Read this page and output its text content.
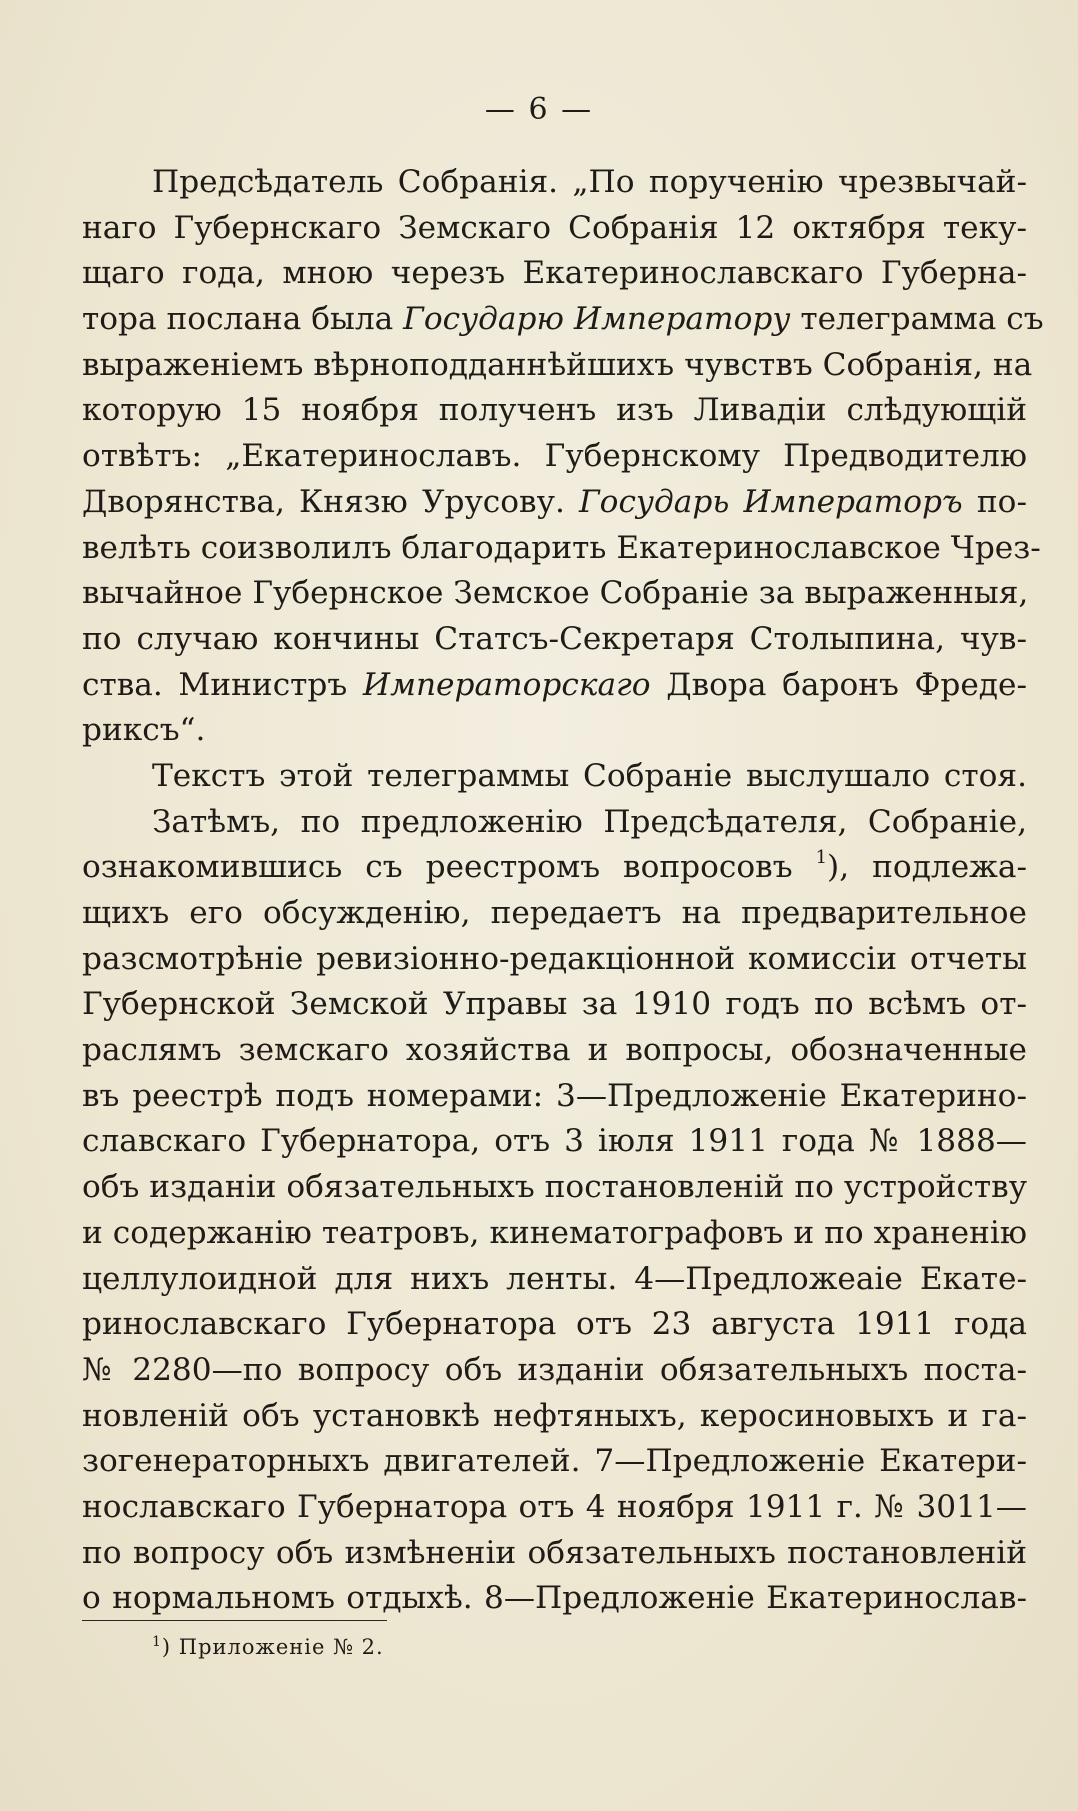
— 6 —
Предсѣдатель Собранія. „По порученію чрезвычай-
наго Губернскаго Земскаго Собранія 12 октября теку-
щаго года, мною черезъ Екатеринославскаго Губерна-
тора послана была Государю Императору телеграмма съ
выраженіемъ вѣрноподданнѣйшихъ чувствъ Собранія, на
которую 15 ноября полученъ изъ Ливадіи слѣдующій
отвѣтъ: „Екатеринославъ. Губернскому Предводителю
Дворянства, Князю Урусову. Государь Императоръ по-
велѣть соизволилъ благодарить Екатеринославское Чрез-
вычайное Губернское Земское Собраніе за выраженныя,
по случаю кончины Статсъ-Секретаря Столыпина, чув-
ства. Министръ Императорскаго Двора баронъ Фреде-
риксъ“.
Текстъ этой телеграммы Собраніе выслушало стоя.
Затѣмъ, по предложенію Предсѣдателя, Собраніе,
ознакомившись съ реестромъ вопросовъ $^1$), подлежа-
щихъ его обсужденію, передаетъ на предварительное
разсмотрѣніе ревизіонно-редакціонной комиссіи отчеты
Губернской Земской Управы за 1910 годъ по всѣмъ от-
раслямъ земскаго хозяйства и вопросы, обозначенные
въ реестрѣ подъ номерами: 3—Предложеніе Екатерино-
славскаго Губернатора, отъ 3 іюля 1911 года № 1888—
объ изданіи обязательныхъ постановленій по устройству
и содержанію театровъ, кинематографовъ и по храненію
целлулоидной для нихъ ленты. 4—Предложеаіе Екате-
ринославскаго Губернатора отъ 23 августа 1911 года
№ 2280—по вопросу объ изданіи обязательныхъ поста-
новленій объ установкѣ нефтяныхъ, керосиновыхъ и га-
зогенераторныхъ двигателей. 7—Предложеніе Екатери-
нославскаго Губернатора отъ 4 ноября 1911 г. № 3011—
по вопросу объ измѣненіи обязательныхъ постановленій
о нормальномъ отдыхѣ. 8—Предложеніе Екатеринослав-
$^1$) Приложеніе № 2.
